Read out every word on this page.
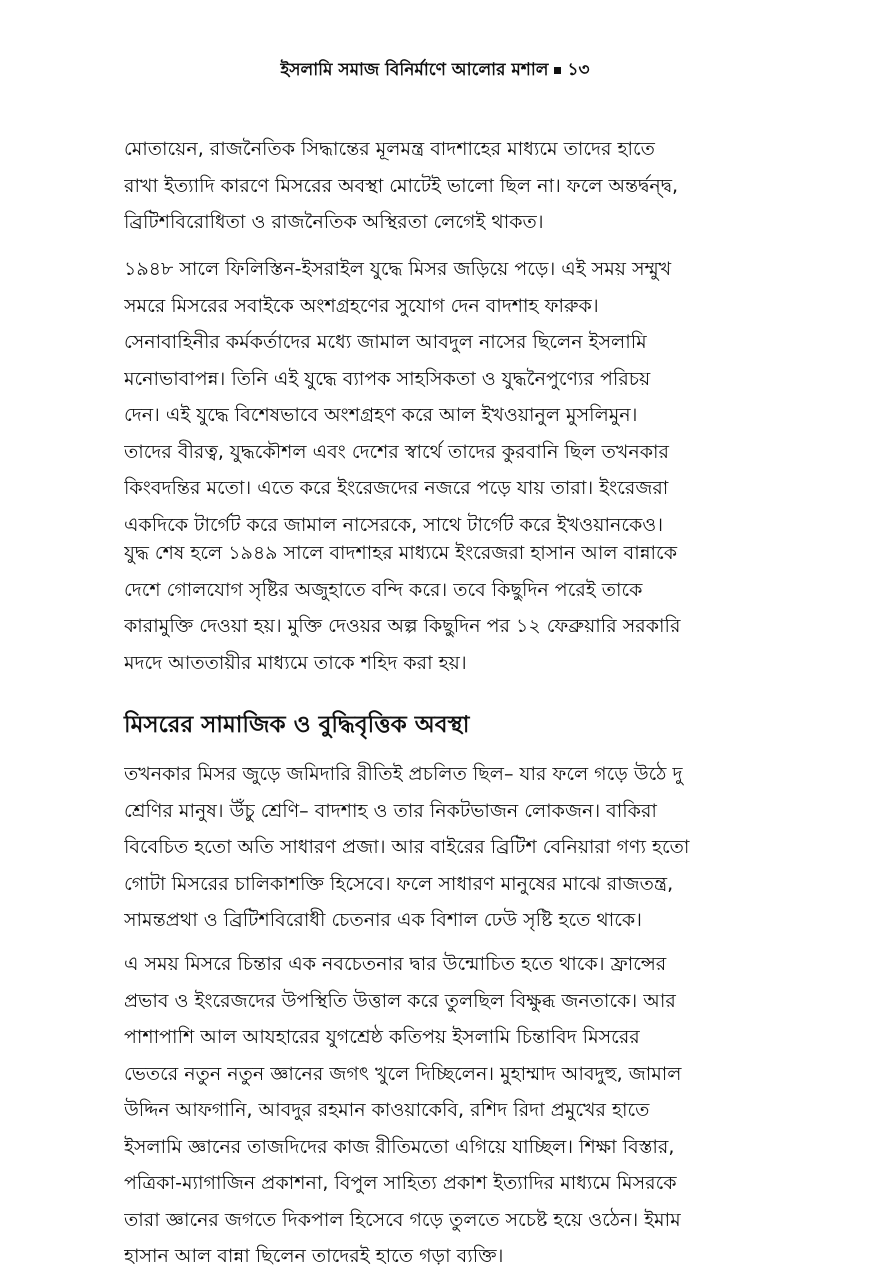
ইসলামি সমাজ বিনির্মাণে আলোর মশাল ১৩

মোতায়েন, রাজনৈতিক সিদ্ধান্তের মূলমন্ত্র বাদশাহের মাধ্যমে তাদের হাতে
রাখা ইত্যাদি কারণে মিসরের অবস্থা মোটেই ভালো ছিল না। ফলে অন্তর্দ্বন্দ্ব,
ব্রিটিশবিরোধিতা ও রাজনৈতিক অস্থিরতা লেগেই থাকত।

১৯৪৮ সালে ফিলিস্তিন-ইসরাইল যুদ্ধে মিসর জড়িয়ে পড়ে। এই সময় সম্মুখ
সমরে মিসরের সবাইকে অংশগ্রহণের সুযোগ দেন বাদশাহ ফারুক।
সেনাবাহিনীর কর্মকর্তাদের মধ্যে জামাল আবদুল নাসের ছিলেন ইসলামি
মনোভাবাপন্ন। তিনি এই যুদ্ধে ব্যাপক সাহসিকতা ও যুদ্ধনৈপুণ্যের পরিচয়
দেন। এই যুদ্ধে বিশেষভাবে অংশগ্রহণ করে আল ইখওয়ানুল মুসলিমুন।
তাদের বীরত্ব, যুদ্ধকৌশল এবং দেশের স্বার্থে তাদের কুরবানি ছিল তখনকার
কিংবদন্তির মতো। এতে করে ইংরেজদের নজরে পড়ে যায় তারা। ইংরেজরা
একদিকে টার্গেট করে জামাল নাসেরকে, সাথে টার্গেট করে ইখওয়ানকেও।

যুদ্ধ শেষ হলে ১৯৪৯ সালে বাদশাহর মাধ্যমে ইংরেজরা হাসান আল বান্নাকে
দেশে গোলযোগ সৃষ্টির অজুহাতে বন্দি করে। তবে কিছুদিন পরেই তাকে
কারামুক্তি দেওয়া হয়। মুক্তি দেওয়র অল্প কিছুদিন পর ১২ ফেব্রুয়ারি সরকারি
মদদে আততায়ীর মাধ্যমে তাকে শহিদ করা হয়।

মিসরের সামাজিক ও বুদ্ধিবৃত্তিক অবস্থা

তখনকার মিসর জুড়ে জমিদারি রীতিই প্রচলিত ছিল– যার ফলে গড়ে উঠে দু
শ্রেণির মানুষ। উঁচু শ্রেণি– বাদশাহ ও তার নিকটভাজন লোকজন। বাকিরা
বিবেচিত হতো অতি সাধারণ প্রজা। আর বাইরের ব্রিটিশ বেনিয়ারা গণ্য হতো
গোটা মিসরের চালিকাশক্তি হিসেবে। ফলে সাধারণ মানুষের মাঝে রাজতন্ত্র,
সামন্তপ্রথা ও ব্রিটিশবিরোধী চেতনার এক বিশাল ঢেউ সৃষ্টি হতে থাকে।

এ সময় মিসরে চিন্তার এক নবচেতনার দ্বার উন্মোচিত হতে থাকে। ফ্রান্সের
প্রভাব ও ইংরেজদের উপস্থিতি উত্তাল করে তুলছিল বিক্ষুব্ধ জনতাকে। আর
পাশাপাশি আল আযহারের যুগশ্রেষ্ঠ কতিপয় ইসলামি চিন্তাবিদ মিসরের
ভেতরে নতুন নতুন জ্ঞানের জগৎ খুলে দিচ্ছিলেন। মুহাম্মাদ আবদুহু, জামাল
উদ্দিন আফগানি, আবদুর রহমান কাওয়াকেবি, রশিদ রিদা প্রমুখের হাতে
ইসলামি জ্ঞানের তাজদিদের কাজ রীতিমতো এগিয়ে যাচ্ছিল। শিক্ষা বিস্তার,
পত্রিকা-ম্যাগাজিন প্রকাশনা, বিপুল সাহিত্য প্রকাশ ইত্যাদির মাধ্যমে মিসরকে
তারা জ্ঞানের জগতে দিকপাল হিসেবে গড়ে তুলতে সচেষ্ট হয়ে ওঠেন। ইমাম
হাসান আল বান্না ছিলেন তাদেরই হাতে গড়া ব্যক্তি।
